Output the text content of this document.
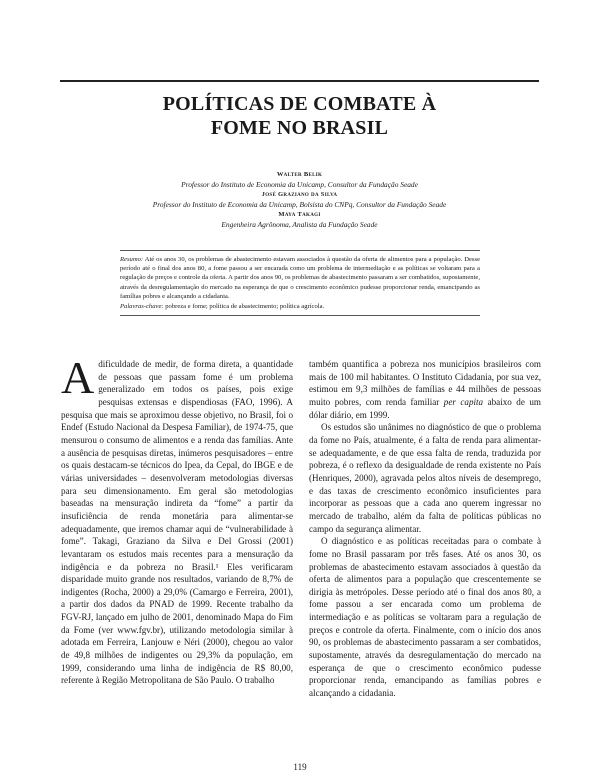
POLÍTICAS DE COMBATE À
FOME NO BRASIL
Walter Belik
Professor do Instituto de Economia da Unicamp, Consultor da Fundação Seade
José Graziano da Silva
Professor do Instituto de Economia da Unicamp, Bolsista do CNPq, Consultor da Fundação Seade
Maya Takagi
Engenheira Agrônoma, Analista da Fundação Seade

Resumo: Até os anos 30, os problemas de abastecimento estavam associados à questão da oferta de alimentos para a população. Desse período até o final dos anos 80, a fome passou a ser encarada como um problema de intermediação e as políticas se voltaram para a regulação de preços e controle da oferta. A partir dos anos 90, os problemas de abastecimento passaram a ser combatidos, supostamente, através da desregulamentação do mercado na esperança de que o crescimento econômico pudesse proporcionar renda, emancipando as famílias pobres e alcançando a cidadania.

Palavras-chave: pobreza e fome; política de abastecimento; política agrícola.

Adificuldade de medir, de forma direta, a quantidade de pessoas que passam fome é um problema generalizado em todos os países, pois exige pesquisas extensas e dispendiosas (FAO, 1996). A pesquisa que mais se aproximou desse objetivo, no Brasil, foi o Endef (Estudo Nacional da Despesa Familiar), de 1974-75, que mensurou o consumo de alimentos e a renda das famílias. Ante a ausência de pesquisas diretas, inúmeros pesquisadores – entre os quais destacam-se técnicos do Ipea, da Cepal, do IBGE e de várias universidades – desenvolveram metodologias diversas para seu dimensionamento. Em geral são metodologias baseadas na mensuração indireta da “fome” a partir da insuficiência de renda monetária para alimentar-se adequadamente, que iremos chamar aqui de “vulnerabilidade à fome”. Takagi, Graziano da Silva e Del Grossi (2001) levantaram os estudos mais recentes para a mensuração da indigência e da pobreza no Brasil.¹ Eles verificaram disparidade muito grande nos resultados, variando de 8,7% de indigentes (Rocha, 2000) a 29,0% (Camargo e Ferreira, 2001), a partir dos dados da PNAD de 1999. Recente trabalho da FGV-RJ, lançado em julho de 2001, denominado Mapa do Fim da Fome (ver www.fgv.br), utilizando metodologia similar à adotada em Ferreira, Lanjouw e Néri (2000), chegou ao valor de 49,8 milhões de indigentes ou 29,3% da população, em 1999, considerando uma linha de indigência de R$ 80,00, referente à Região Metropolitana de São Paulo. O trabalho

também quantifica a pobreza nos municípios brasileiros com mais de 100 mil habitantes. O Instituto Cidadania, por sua vez, estimou em 9,3 milhões de famílias e 44 milhões de pessoas muito pobres, com renda familiar per capita abaixo de um dólar diário, em 1999.

Os estudos são unânimes no diagnóstico de que o problema da fome no País, atualmente, é a falta de renda para alimentar-se adequadamente, e de que essa falta de renda, traduzida por pobreza, é o reflexo da desigualdade de renda existente no País (Henriques, 2000), agravada pelos altos níveis de desemprego, e das taxas de crescimento econômico insuficientes para incorporar as pessoas que a cada ano querem ingressar no mercado de trabalho, além da falta de políticas públicas no campo da segurança alimentar.

O diagnóstico e as políticas receitadas para o combate à fome no Brasil passaram por três fases. Até os anos 30, os problemas de abastecimento estavam associados à questão da oferta de alimentos para a população que crescentemente se dirigia às metrópoles. Desse período até o final dos anos 80, a fome passou a ser encarada como um problema de intermediação e as políticas se voltaram para a regulação de preços e controle da oferta. Finalmente, com o início dos anos 90, os problemas de abastecimento passaram a ser combatidos, supostamente, através da desregulamentação do mercado na esperança de que o crescimento econômico pudesse proporcionar renda, emancipando as famílias pobres e alcançando a cidadania.

119
